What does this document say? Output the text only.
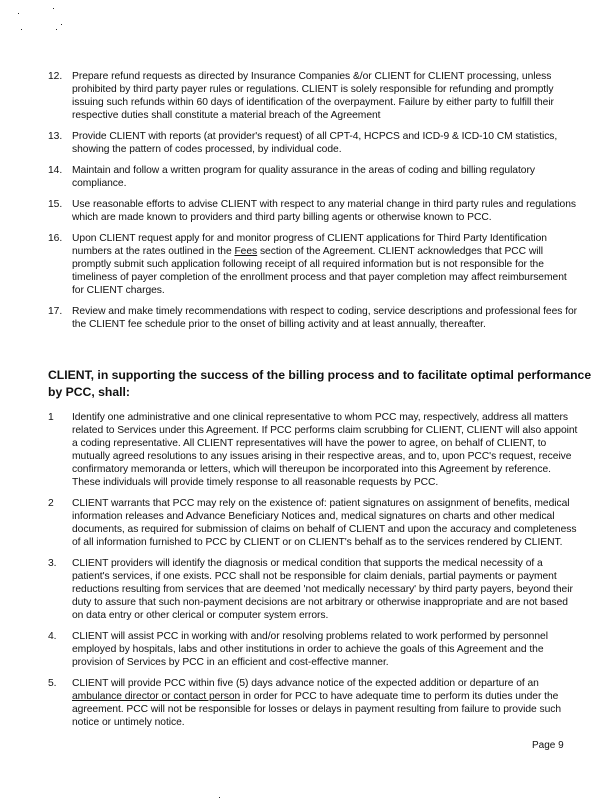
12. Prepare refund requests as directed by Insurance Companies &/or CLIENT for CLIENT processing, unless prohibited by third party payer rules or regulations. CLIENT is solely responsible for refunding and promptly issuing such refunds within 60 days of identification of the overpayment. Failure by either party to fulfill their respective duties shall constitute a material breach of the Agreement
13. Provide CLIENT with reports (at provider's request) of all CPT-4, HCPCS and ICD-9 & ICD-10 CM statistics, showing the pattern of codes processed, by individual code.
14. Maintain and follow a written program for quality assurance in the areas of coding and billing regulatory compliance.
15. Use reasonable efforts to advise CLIENT with respect to any material change in third party rules and regulations which are made known to providers and third party billing agents or otherwise known to PCC.
16. Upon CLIENT request apply for and monitor progress of CLIENT applications for Third Party Identification numbers at the rates outlined in the Fees section of the Agreement. CLIENT acknowledges that PCC will promptly submit such application following receipt of all required information but is not responsible for the timeliness of payer completion of the enrollment process and that payer completion may affect reimbursement for CLIENT charges.
17. Review and make timely recommendations with respect to coding, service descriptions and professional fees for the CLIENT fee schedule prior to the onset of billing activity and at least annually, thereafter.

CLIENT, in supporting the success of the billing process and to facilitate optimal performance by PCC, shall:

1 Identify one administrative and one clinical representative to whom PCC may, respectively, address all matters related to Services under this Agreement. If PCC performs claim scrubbing for CLIENT, CLIENT will also appoint a coding representative. All CLIENT representatives will have the power to agree, on behalf of CLIENT, to mutually agreed resolutions to any issues arising in their respective areas, and to, upon PCC's request, receive confirmatory memoranda or letters, which will thereupon be incorporated into this Agreement by reference. These individuals will provide timely response to all reasonable requests by PCC.
2 CLIENT warrants that PCC may rely on the existence of: patient signatures on assignment of benefits, medical information releases and Advance Beneficiary Notices and, medical signatures on charts and other medical documents, as required for submission of claims on behalf of CLIENT and upon the accuracy and completeness of all information furnished to PCC by CLIENT or on CLIENT's behalf as to the services rendered by CLIENT.
3. CLIENT providers will identify the diagnosis or medical condition that supports the medical necessity of a patient's services, if one exists. PCC shall not be responsible for claim denials, partial payments or payment reductions resulting from services that are deemed 'not medically necessary' by third party payers, beyond their duty to assure that such non-payment decisions are not arbitrary or otherwise inappropriate and are not based on data entry or other clerical or computer system errors.
4. CLIENT will assist PCC in working with and/or resolving problems related to work performed by personnel employed by hospitals, labs and other institutions in order to achieve the goals of this Agreement and the provision of Services by PCC in an efficient and cost-effective manner.
5. CLIENT will provide PCC within five (5) days advance notice of the expected addition or departure of an ambulance director or contact person in order for PCC to have adequate time to perform its duties under the agreement. PCC will not be responsible for losses or delays in payment resulting from failure to provide such notice or untimely notice.
Page 9
